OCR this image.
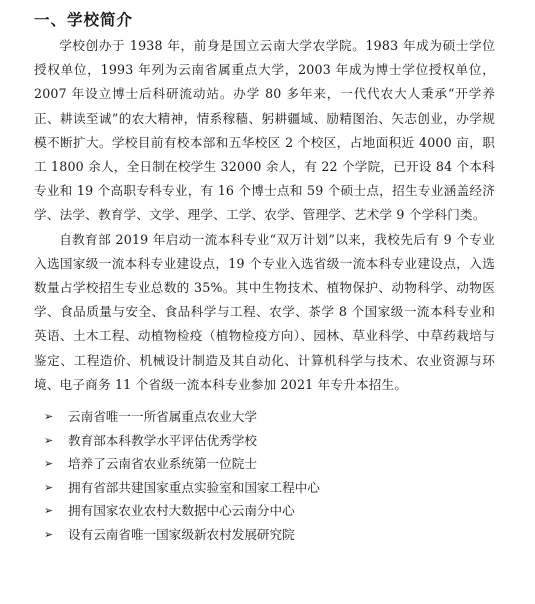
一、学校简介

学校创办于 1938 年，前身是国立云南大学农学院。1983 年成为硕士学位授权单位，1993 年列为云南省属重点大学，2003 年成为博士学位授权单位，2007 年设立博士后科研流动站。办学 80 多年来，一代代农大人秉承“开学养正、耕读至诚”的农大精神，情系稼穑、躬耕疆域、励精图治、矢志创业，办学规模不断扩大。学校目前有校本部和五华校区 2 个校区，占地面积近 4000 亩，职工 1800 余人，全日制在校学生 32000 余人，有 22 个学院，已开设 84 个本科专业和 19 个高职专科专业，有 16 个博士点和 59 个硕士点，招生专业涵盖经济学、法学、教育学、文学、理学、工学、农学、管理学、艺术学 9 个学科门类。

自教育部 2019 年启动一流本科专业“双万计划”以来，我校先后有 9 个专业入选国家级一流本科专业建设点，19 个专业入选省级一流本科专业建设点，入选数量占学校招生专业总数的 35%。其中生物技术、植物保护、动物科学、动物医学、食品质量与安全、食品科学与工程、农学、茶学 8 个国家级一流本科专业和英语、土木工程、动植物检疫（植物检疫方向）、园林、草业科学、中草药栽培与鉴定、工程造价、机械设计制造及其自动化、计算机科学与技术、农业资源与环境、电子商务 11 个省级一流本科专业参加 2021 年专升本招生。

➢ 云南省唯一一所省属重点农业大学
➢ 教育部本科教学水平评估优秀学校
➢ 培养了云南省农业系统第一位院士
➢ 拥有省部共建国家重点实验室和国家工程中心
➢ 拥有国家农业农村大数据中心云南分中心
➢ 设有云南省唯一国家级新农村发展研究院
